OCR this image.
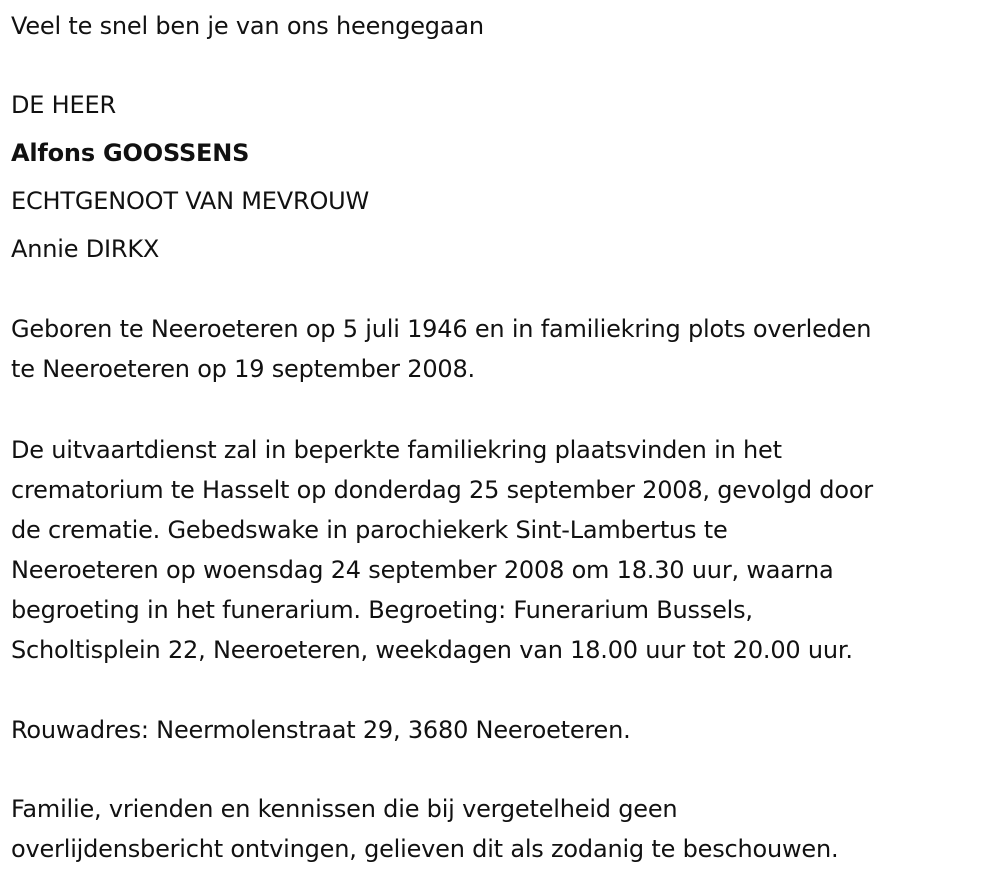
Veel te snel ben je van ons heengegaan
DE HEER
Alfons GOOSSENS
ECHTGENOOT VAN MEVROUW
Annie DIRKX
Geboren te Neeroeteren op 5 juli 1946 en in familiekring plots overleden
te Neeroeteren op 19 september 2008.
De uitvaartdienst zal in beperkte familiekring plaatsvinden in het
crematorium te Hasselt op donderdag 25 september 2008, gevolgd door
de crematie. Gebedswake in parochiekerk Sint-Lambertus te
Neeroeteren op woensdag 24 september 2008 om 18.30 uur, waarna
begroeting in het funerarium. Begroeting: Funerarium Bussels,
Scholtisplein 22, Neeroeteren, weekdagen van 18.00 uur tot 20.00 uur.
Rouwadres: Neermolenstraat 29, 3680 Neeroeteren.
Familie, vrienden en kennissen die bij vergetelheid geen
overlijdensbericht ontvingen, gelieven dit als zodanig te beschouwen.
